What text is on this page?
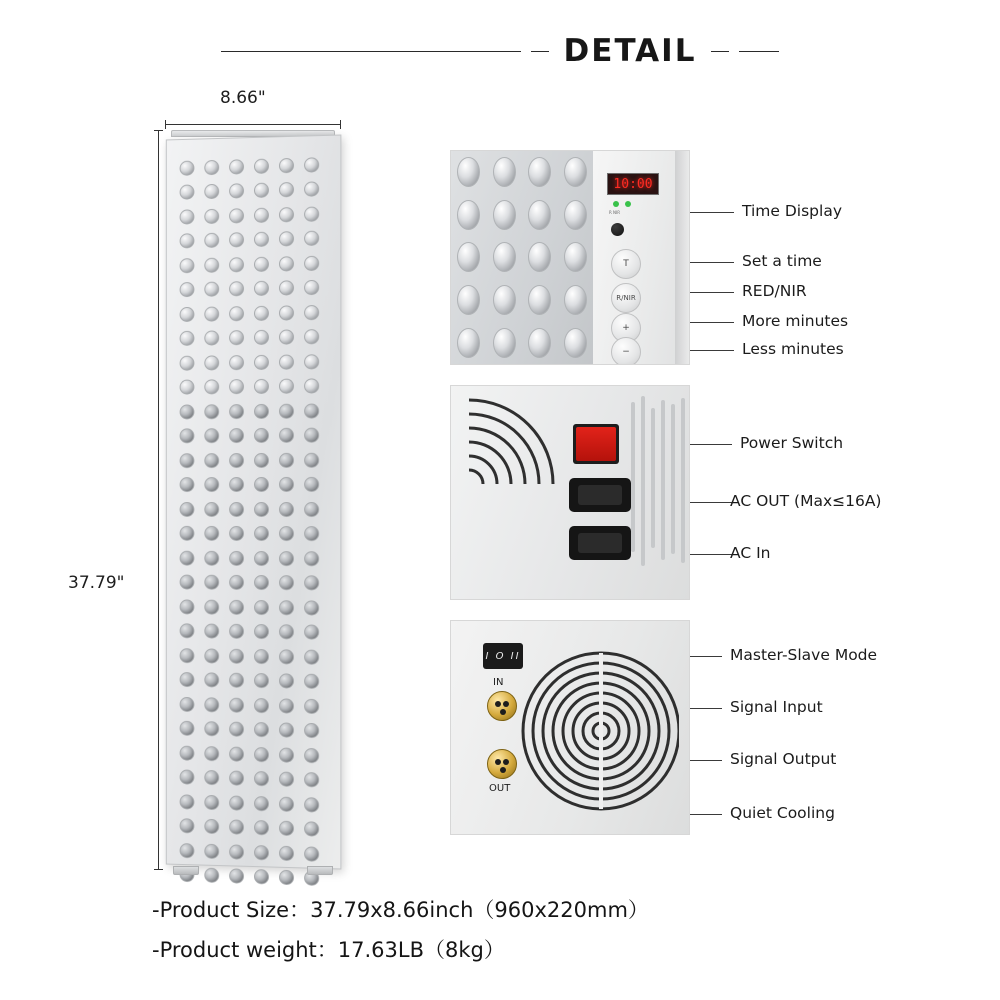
DETAIL
8.66"
37.79"
10:00
R NIR
T
R/NIR
+
−
Time Display
Set a time
RED/NIR
More minutes
Less minutes
Power Switch
AC OUT (Max≤16A)
AC In
I O II
IN
OUT
Master-Slave Mode
Signal Input
Signal Output
Quiet Cooling
-Product Size：37.79x8.66inch（960x220mm）
-Product weight：17.63LB（8kg）
